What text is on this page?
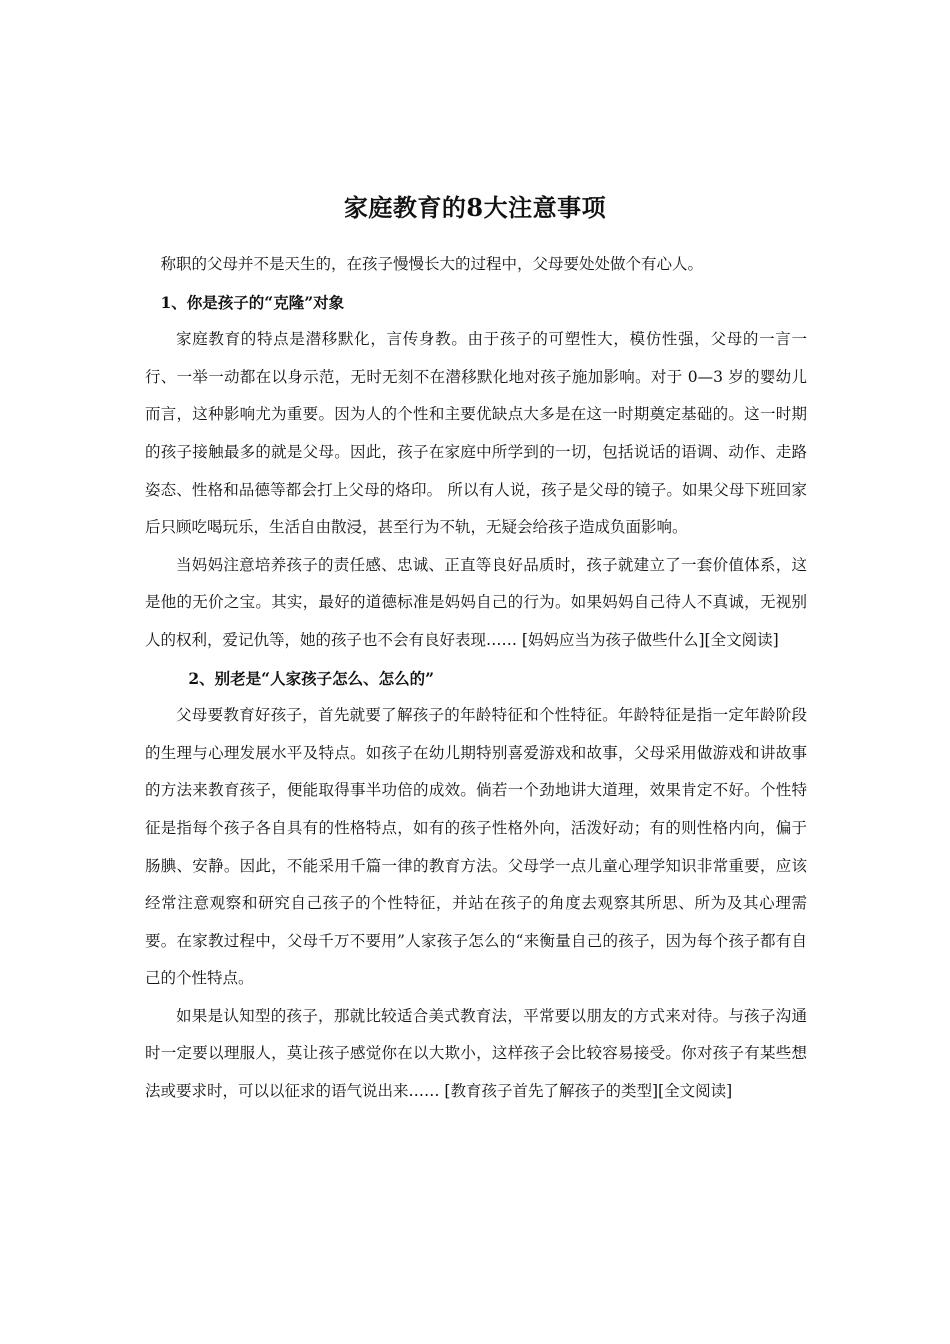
家庭教育的8大注意事项

称职的父母并不是天生的，在孩子慢慢长大的过程中，父母要处处做个有心人。

1、你是孩子的“克隆”对象

家庭教育的特点是潜移默化，言传身教。由于孩子的可塑性大，模仿性强，父母的一言一行、一举一动都在以身示范，无时无刻不在潜移默化地对孩子施加影响。对于 0—3 岁的婴幼儿而言，这种影响尤为重要。因为人的个性和主要优缺点大多是在这一时期奠定基础的。这一时期的孩子接触最多的就是父母。因此，孩子在家庭中所学到的一切，包括说话的语调、动作、走路姿态、性格和品德等都会打上父母的烙印。 所以有人说，孩子是父母的镜子。如果父母下班回家后只顾吃喝玩乐，生活自由散浸，甚至行为不轨，无疑会给孩子造成负面影响。

当妈妈注意培养孩子的责任感、忠诚、正直等良好品质时，孩子就建立了一套价值体系，这是他的无价之宝。其实，最好的道德标准是妈妈自己的行为。如果妈妈自己待人不真诚，无视别人的权利，爱记仇等，她的孩子也不会有良好表现…… [妈妈应当为孩子做些什么][全文阅读]

2、别老是“人家孩子怎么、怎么的”

父母要教育好孩子，首先就要了解孩子的年龄特征和个性特征。年龄特征是指一定年龄阶段的生理与心理发展水平及特点。如孩子在幼儿期特别喜爱游戏和故事，父母采用做游戏和讲故事的方法来教育孩子，便能取得事半功倍的成效。倘若一个劲地讲大道理，效果肯定不好。个性特征是指每个孩子各自具有的性格特点，如有的孩子性格外向，活泼好动；有的则性格内向，偏于肠腆、安静。因此，不能采用千篇一律的教育方法。父母学一点儿童心理学知识非常重要，应该经常注意观察和研究自己孩子的个性特征，并站在孩子的角度去观察其所思、所为及其心理需要。在家教过程中，父母千万不要用”人家孩子怎么的“来衡量自己的孩子，因为每个孩子都有自己的个性特点。

如果是认知型的孩子，那就比较适合美式教育法，平常要以朋友的方式来对待。与孩子沟通时一定要以理服人，莫让孩子感觉你在以大欺小，这样孩子会比较容易接受。你对孩子有某些想法或要求时，可以以征求的语气说出来…… [教育孩子首先了解孩子的类型][全文阅读]
